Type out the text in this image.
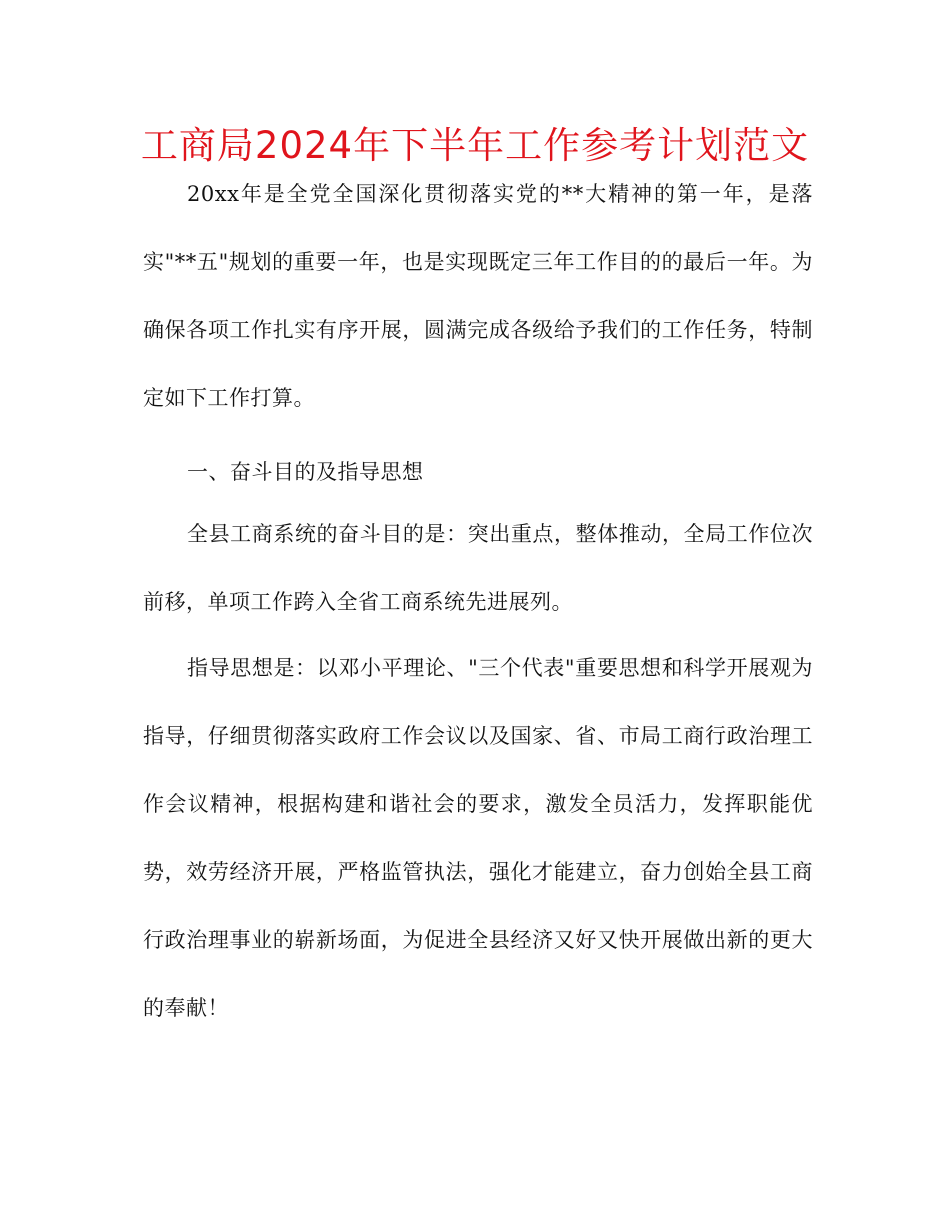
工商局2024年下半年工作参考计划范文

20xx年是全党全国深化贯彻落实党的**大精神的第一年，是落实"**五"规划的重要一年，也是实现既定三年工作目的的最后一年。为确保各项工作扎实有序开展，圆满完成各级给予我们的工作任务，特制定如下工作打算。

一、奋斗目的及指导思想

全县工商系统的奋斗目的是：突出重点，整体推动，全局工作位次前移，单项工作跨入全省工商系统先进展列。

指导思想是：以邓小平理论、"三个代表"重要思想和科学开展观为指导，仔细贯彻落实政府工作会议以及国家、省、市局工商行政治理工作会议精神，根据构建和谐社会的要求，激发全员活力，发挥职能优势，效劳经济开展，严格监管执法，强化才能建立，奋力创始全县工商行政治理事业的崭新场面，为促进全县经济又好又快开展做出新的更大的奉献！
